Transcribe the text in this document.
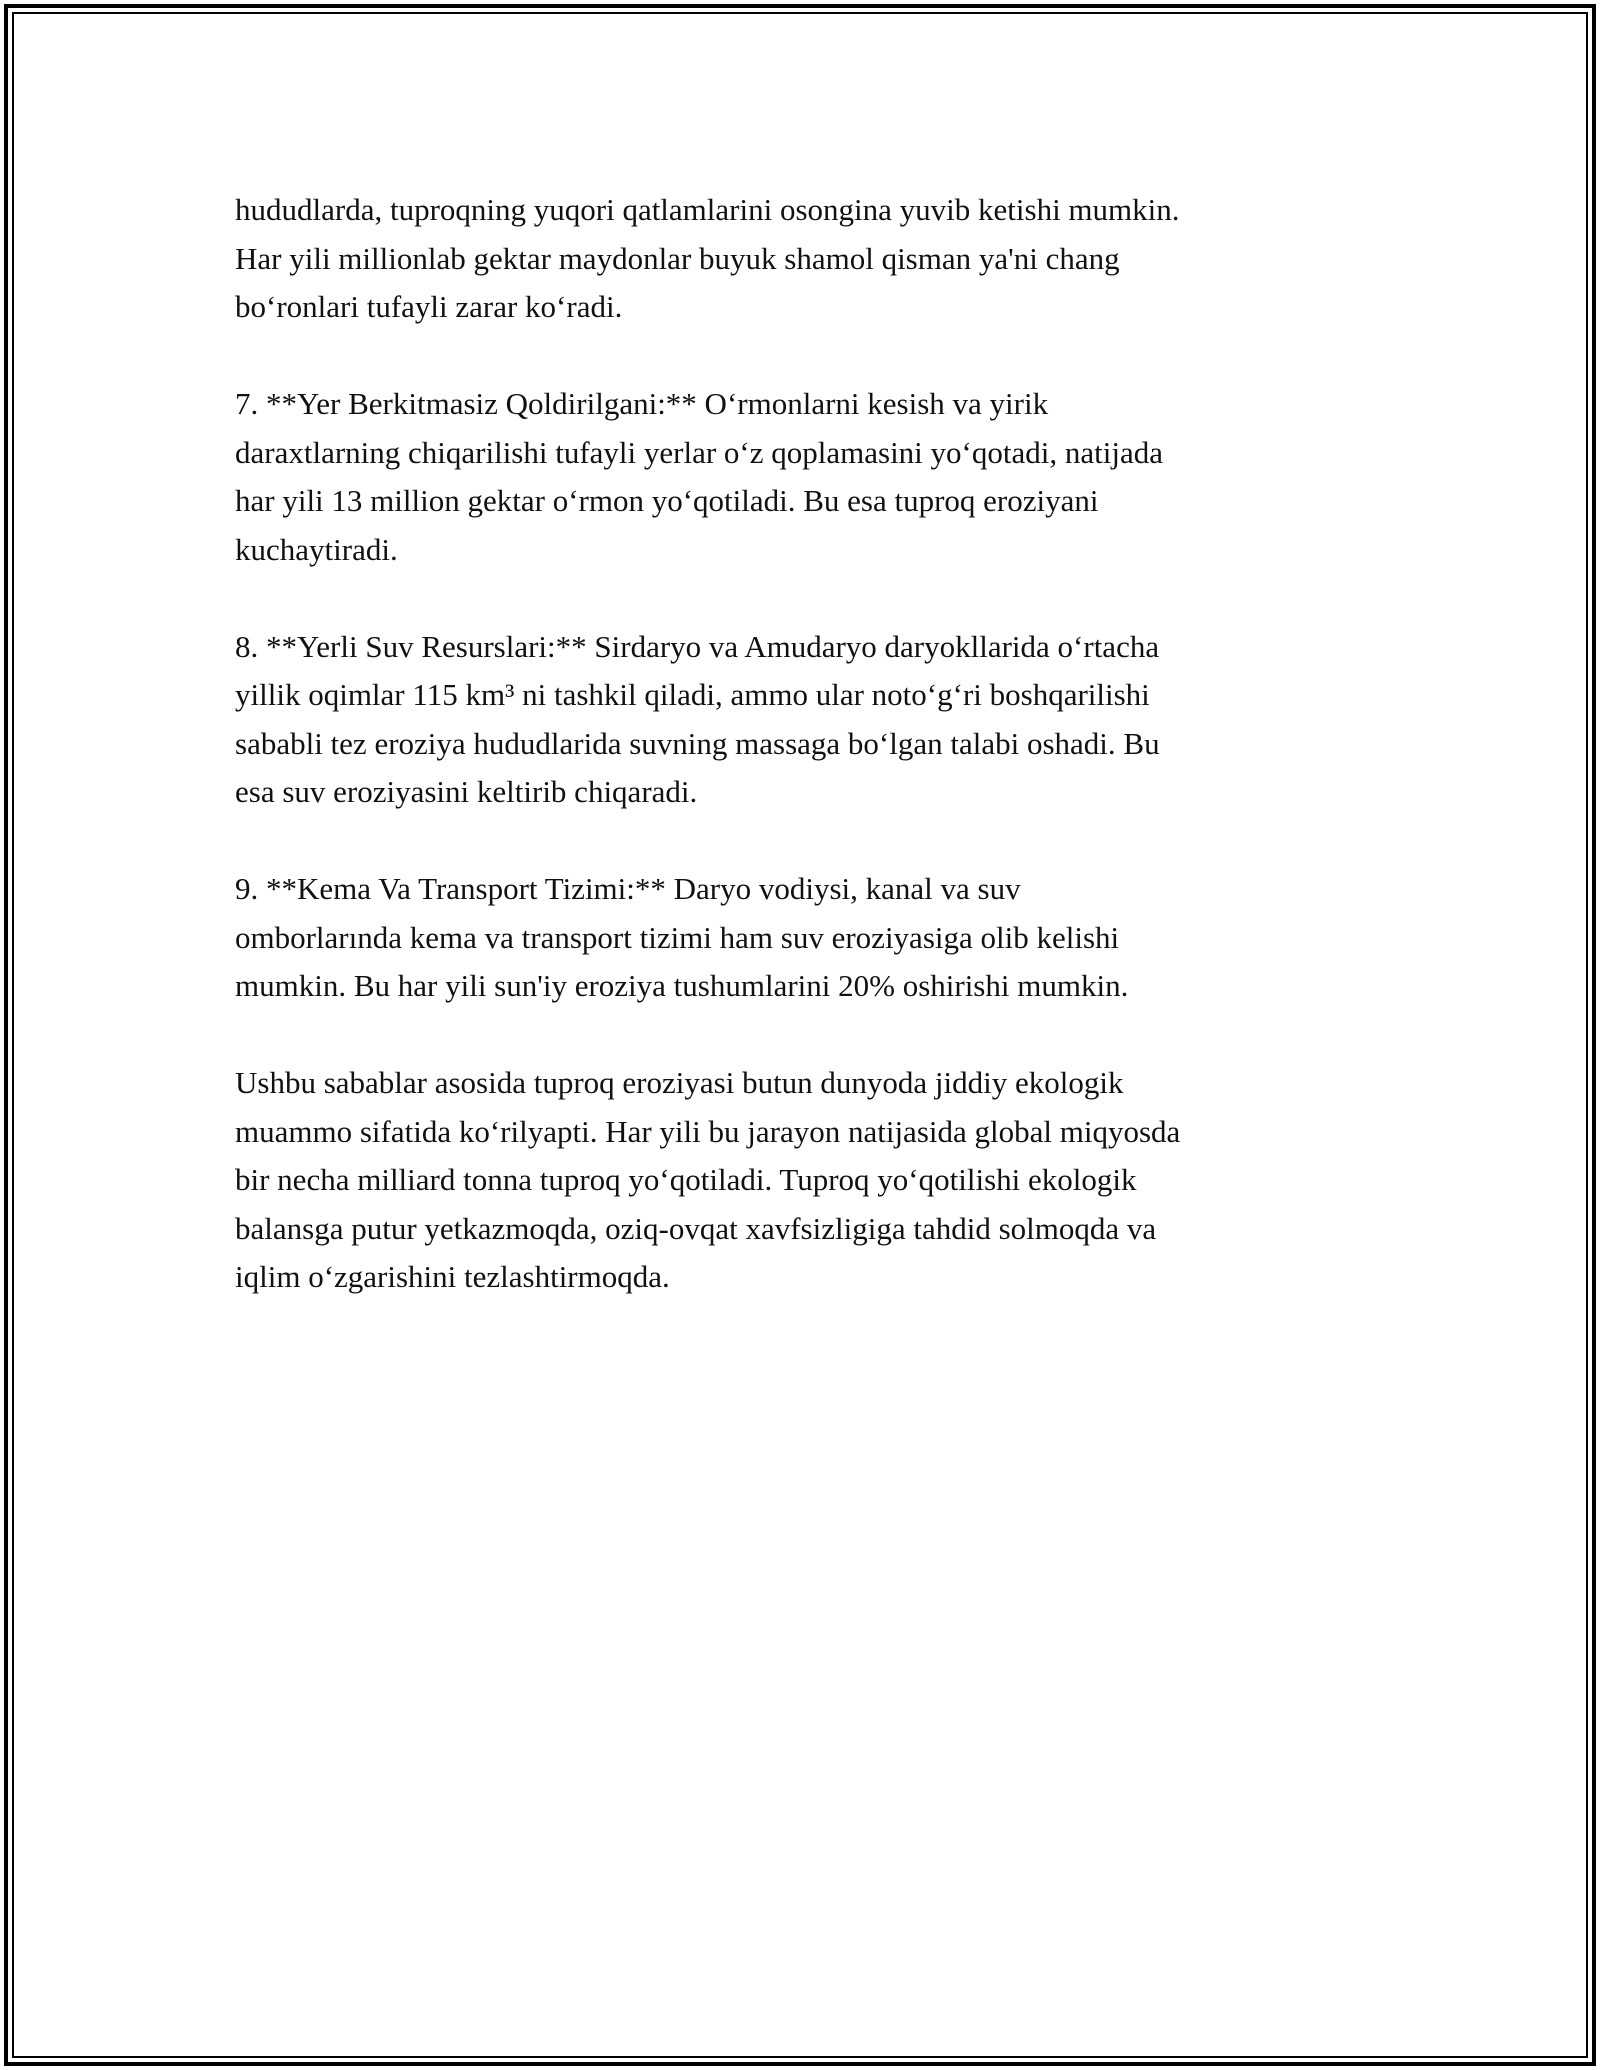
hududlarda, tuproqning yuqori qatlamlarini osongina yuvib ketishi mumkin.
Har yili millionlab gektar maydonlar buyuk shamol qisman ya'ni chang
bo‘ronlari tufayli zarar ko‘radi.

7. **Yer Berkitmasiz Qoldirilgani:** O‘rmonlarni kesish va yirik
daraxtlarning chiqarilishi tufayli yerlar o‘z qoplamasini yo‘qotadi, natijada
har yili 13 million gektar o‘rmon yo‘qotiladi. Bu esa tuproq eroziyani
kuchaytiradi.

8. **Yerli Suv Resurslari:** Sirdaryo va Amudaryo daryokllarida o‘rtacha
yillik oqimlar 115 km³ ni tashkil qiladi, ammo ular noto‘g‘ri boshqarilishi
sababli tez eroziya hududlarida suvning massaga bo‘lgan talabi oshadi. Bu
esa suv eroziyasini keltirib chiqaradi.

9. **Kema Va Transport Tizimi:** Daryo vodiysi, kanal va suv
omborlarında kema va transport tizimi ham suv eroziyasiga olib kelishi
mumkin. Bu har yili sun'iy eroziya tushumlarini 20% oshirishi mumkin.

Ushbu sabablar asosida tuproq eroziyasi butun dunyoda jiddiy ekologik
muammo sifatida ko‘rilyapti. Har yili bu jarayon natijasida global miqyosda
bir necha milliard tonna tuproq yo‘qotiladi. Tuproq yo‘qotilishi ekologik
balansga putur yetkazmoqda, oziq-ovqat xavfsizligiga tahdid solmoqda va
iqlim o‘zgarishini tezlashtirmoqda.
